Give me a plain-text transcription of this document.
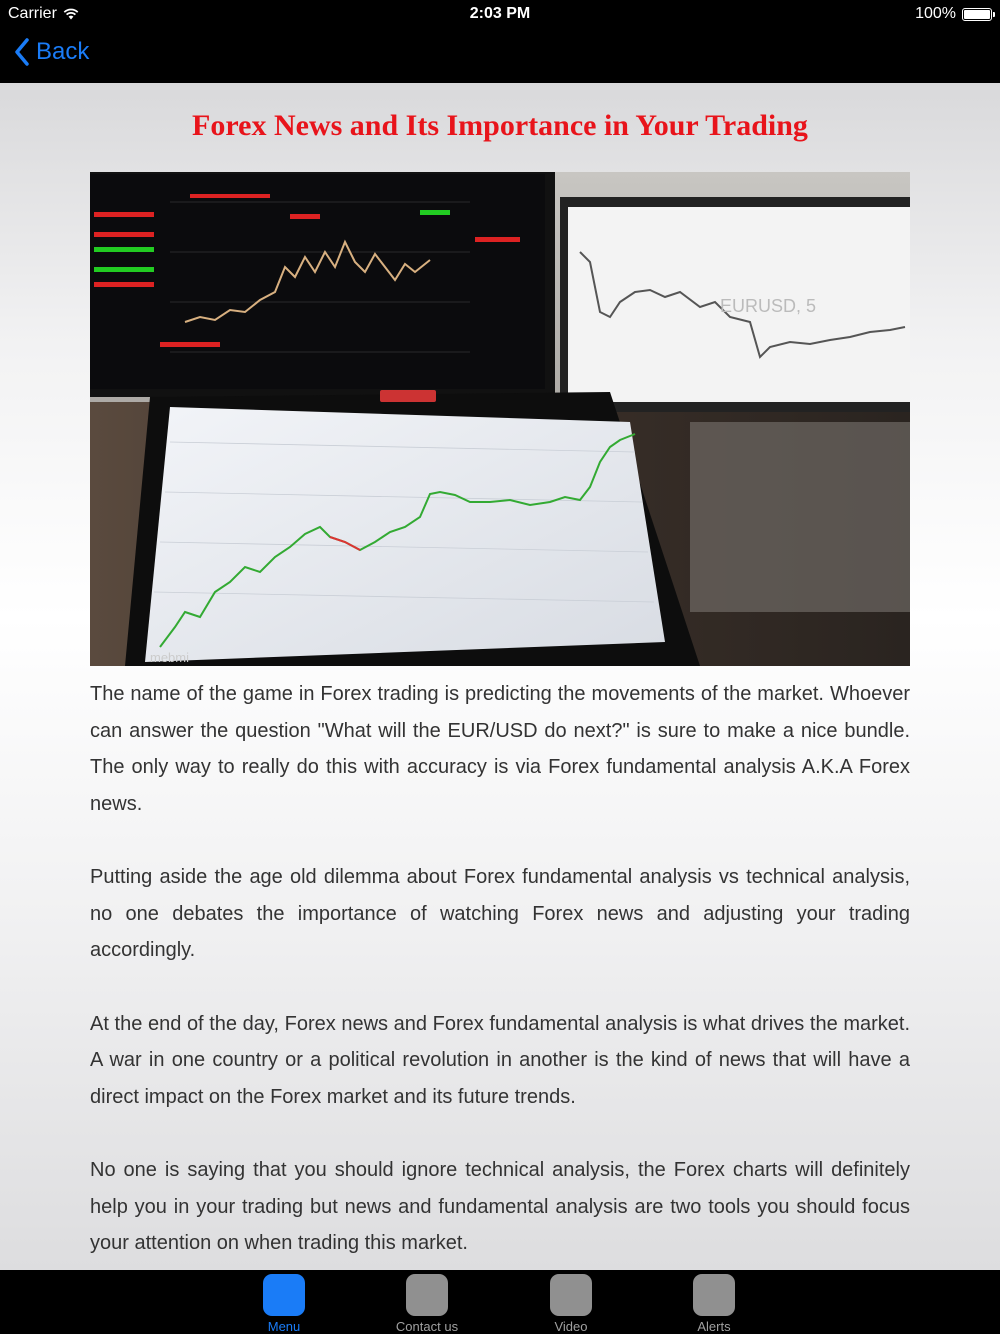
Carrier	2:03 PM	100%
Back
Forex News and Its Importance in Your Trading
EURUSD, 5
mebmi

The name of the game in Forex trading is predicting the movements of the market. Whoever can answer the question "What will the EUR/USD do next?" is sure to make a nice bundle. The only way to really do this with accuracy is via Forex fundamental analysis A.K.A Forex news.

Putting aside the age old dilemma about Forex fundamental analysis vs technical analysis, no one debates the importance of watching Forex news and adjusting your trading accordingly.

At the end of the day, Forex news and Forex fundamental analysis is what drives the market. A war in one country or a political revolution in another is the kind of news that will have a direct impact on the Forex market and its future trends.

No one is saying that you should ignore technical analysis, the Forex charts will definitely help you in your trading but news and fundamental analysis are two tools you should focus your attention on when trading this market.

Menu	Contact us	Video	Alerts
